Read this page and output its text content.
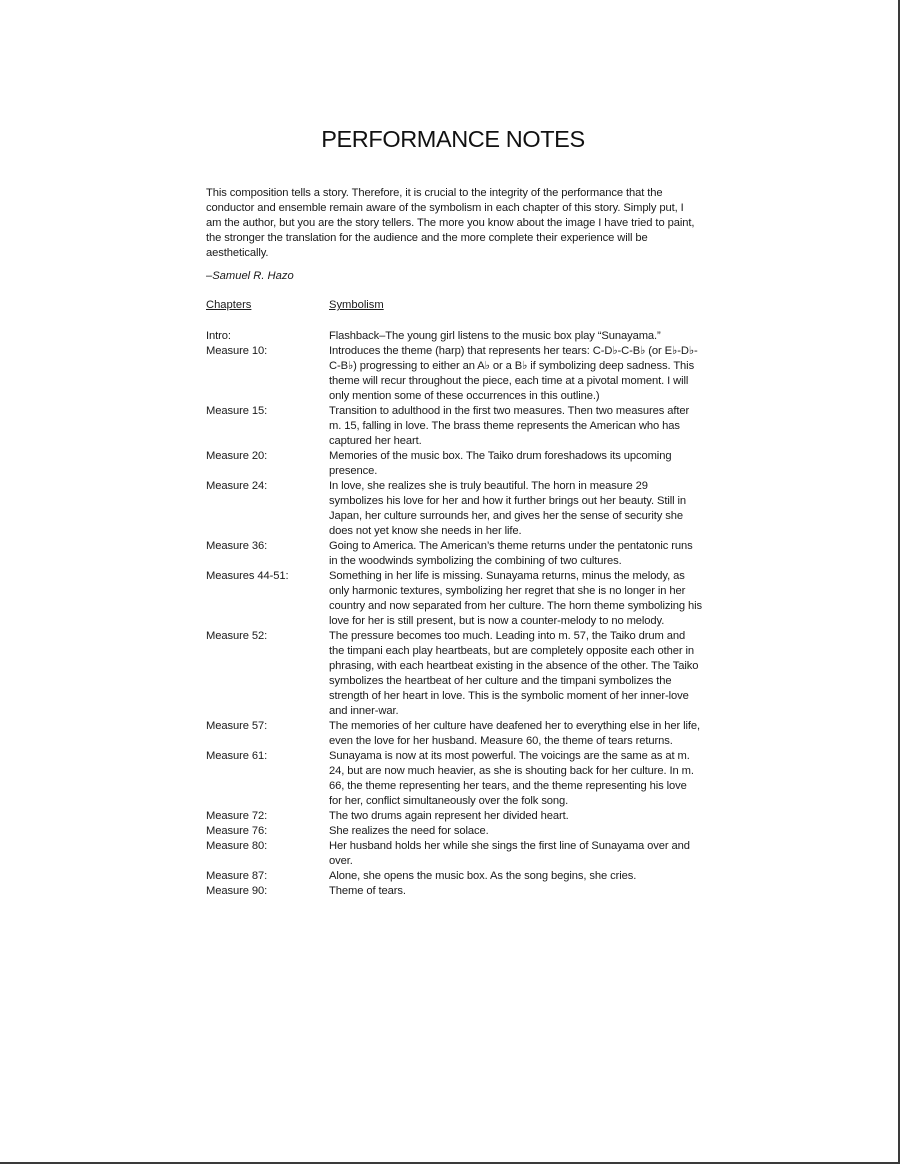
PERFORMANCE NOTES

This composition tells a story. Therefore, it is crucial to the integrity of the performance that the conductor and ensemble remain aware of the symbolism in each chapter of this story. Simply put, I am the author, but you are the story tellers. The more you know about the image I have tried to paint, the stronger the translation for the audience and the more complete their experience will be aesthetically.

–Samuel R. Hazo

Chapters	Symbolism
Intro:	Flashback–The young girl listens to the music box play “Sunayama.”
Measure 10:	Introduces the theme (harp) that represents her tears: C-D♭-C-B♭ (or E♭-D♭-C-B♭) progressing to either an A♭ or a B♭ if symbolizing deep sadness. This theme will recur throughout the piece, each time at a pivotal moment. I will only mention some of these occurrences in this outline.)
Measure 15:	Transition to adulthood in the first two measures. Then two measures after m. 15, falling in love. The brass theme represents the American who has captured her heart.
Measure 20:	Memories of the music box. The Taiko drum foreshadows its upcoming presence.
Measure 24:	In love, she realizes she is truly beautiful. The horn in measure 29 symbolizes his love for her and how it further brings out her beauty. Still in Japan, her culture surrounds her, and gives her the sense of security she does not yet know she needs in her life.
Measure 36:	Going to America. The American’s theme returns under the pentatonic runs in the woodwinds symbolizing the combining of two cultures.
Measures 44-51:	Something in her life is missing. Sunayama returns, minus the melody, as only harmonic textures, symbolizing her regret that she is no longer in her country and now separated from her culture. The horn theme symbolizing his love for her is still present, but is now a counter-melody to no melody.
Measure 52:	The pressure becomes too much. Leading into m. 57, the Taiko drum and the timpani each play heartbeats, but are completely opposite each other in phrasing, with each heartbeat existing in the absence of the other. The Taiko symbolizes the heartbeat of her culture and the timpani symbolizes the strength of her heart in love. This is the symbolic moment of her inner-love and inner-war.
Measure 57:	The memories of her culture have deafened her to everything else in her life, even the love for her husband. Measure 60, the theme of tears returns.
Measure 61:	Sunayama is now at its most powerful. The voicings are the same as at m. 24, but are now much heavier, as she is shouting back for her culture. In m. 66, the theme representing her tears, and the theme representing his love for her, conflict simultaneously over the folk song.
Measure 72:	The two drums again represent her divided heart.
Measure 76:	She realizes the need for solace.
Measure 80:	Her husband holds her while she sings the first line of Sunayama over and over.
Measure 87:	Alone, she opens the music box. As the song begins, she cries.
Measure 90:	Theme of tears.
